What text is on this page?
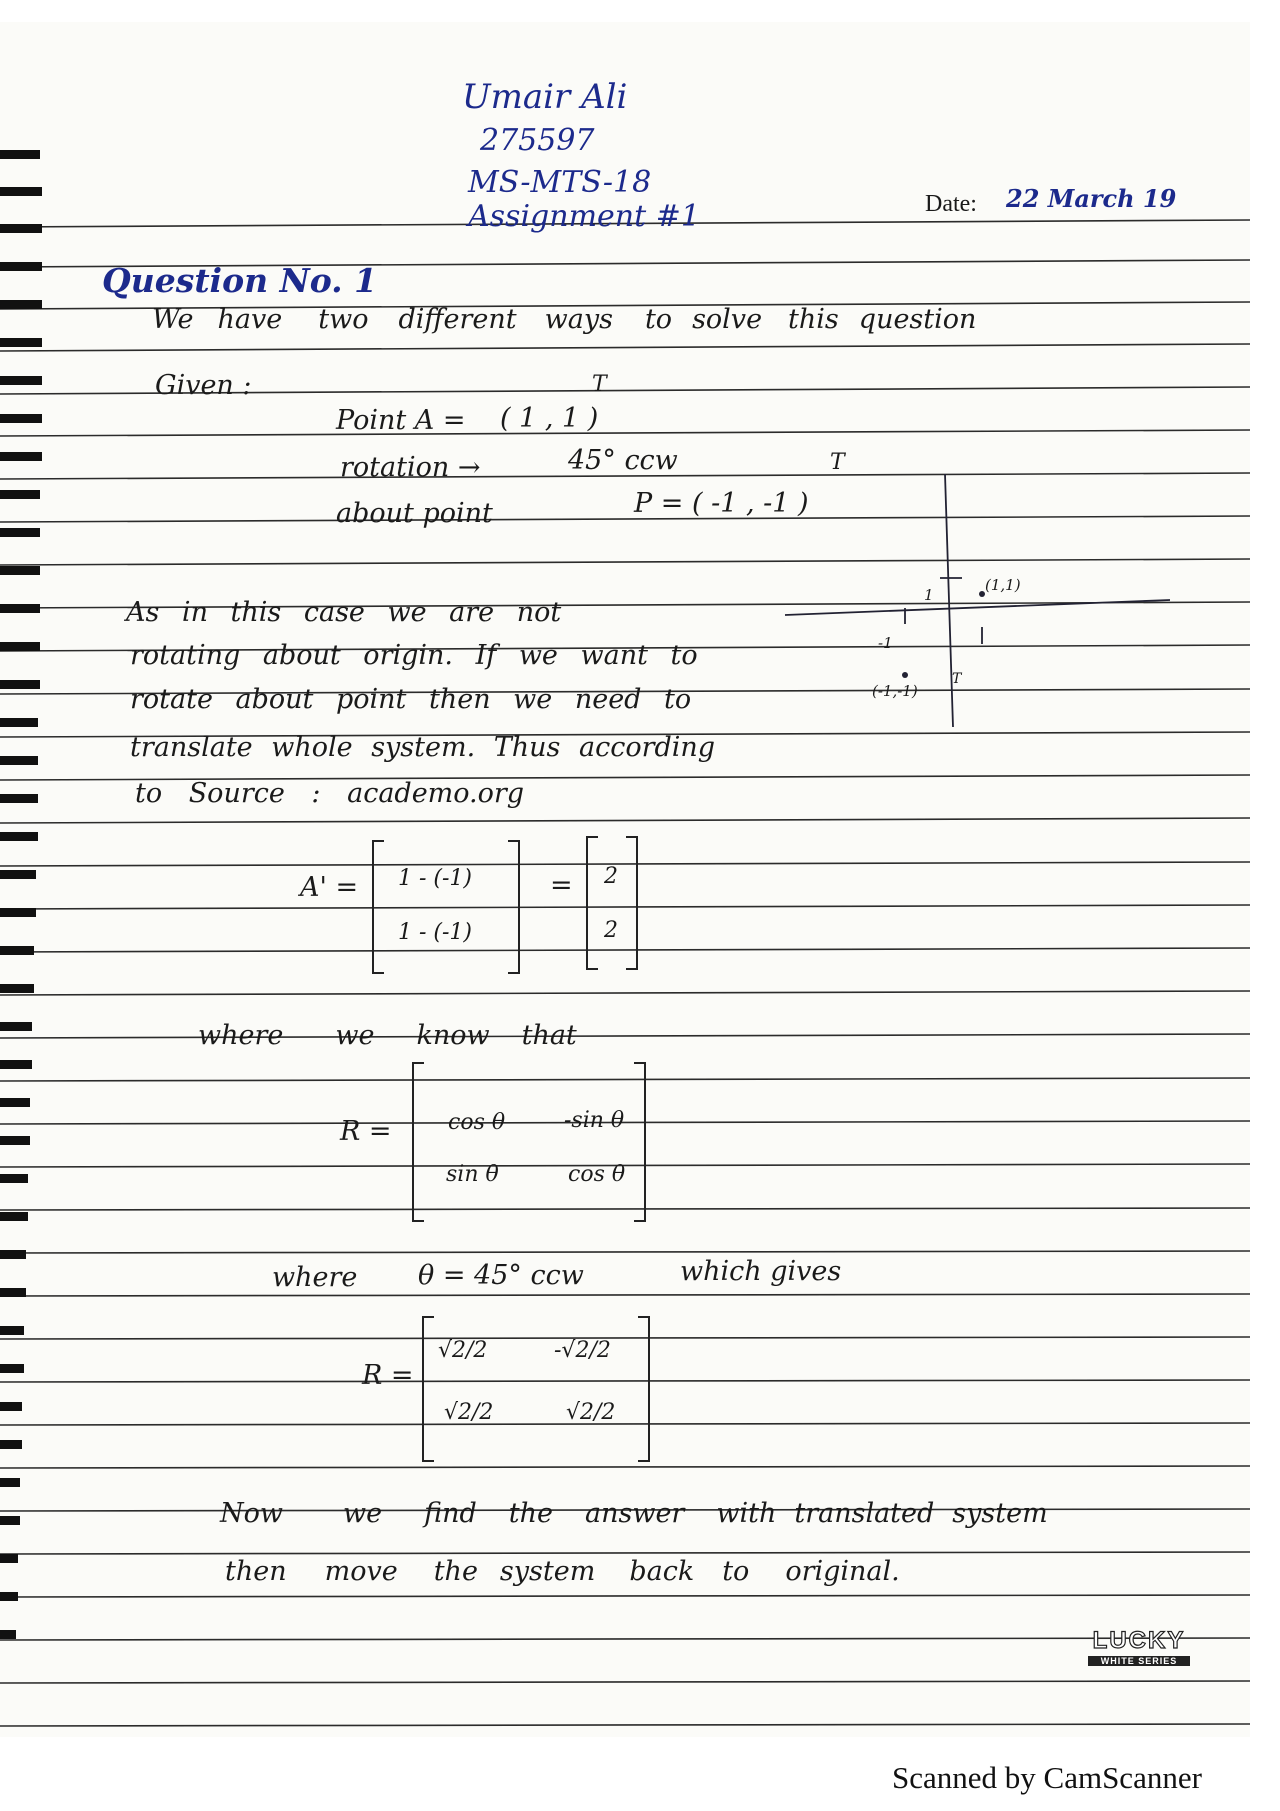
Umair Ali
275597
MS-MTS-18
Assignment #1	Date: 22 March 19
Question No. 1
We have two different ways to solve this question
Given :
Point A = ( 1 , 1 )
T
rotation →	45° ccw
about point	P = ( -1 , -1 )
T
As in this case we are not
rotating about origin. If we want to
rotate about point then we need to
translate whole system. Thus according
to Source : academo.org
(1,1)
(-1,-1)
T
-1
1
A' = 1 - (-1)
1 - (-1)
= 2
2
where we know that
R =	cos θ	-sin θ
sin θ	cos θ
where θ = 45° ccw	which gives
R =
√2/2	-√2/2
√2/2	√2/2
Now we find the answer with translated system
then move the system back to original.
LUCKY
WHITE SERIES
Scanned by CamScanner
